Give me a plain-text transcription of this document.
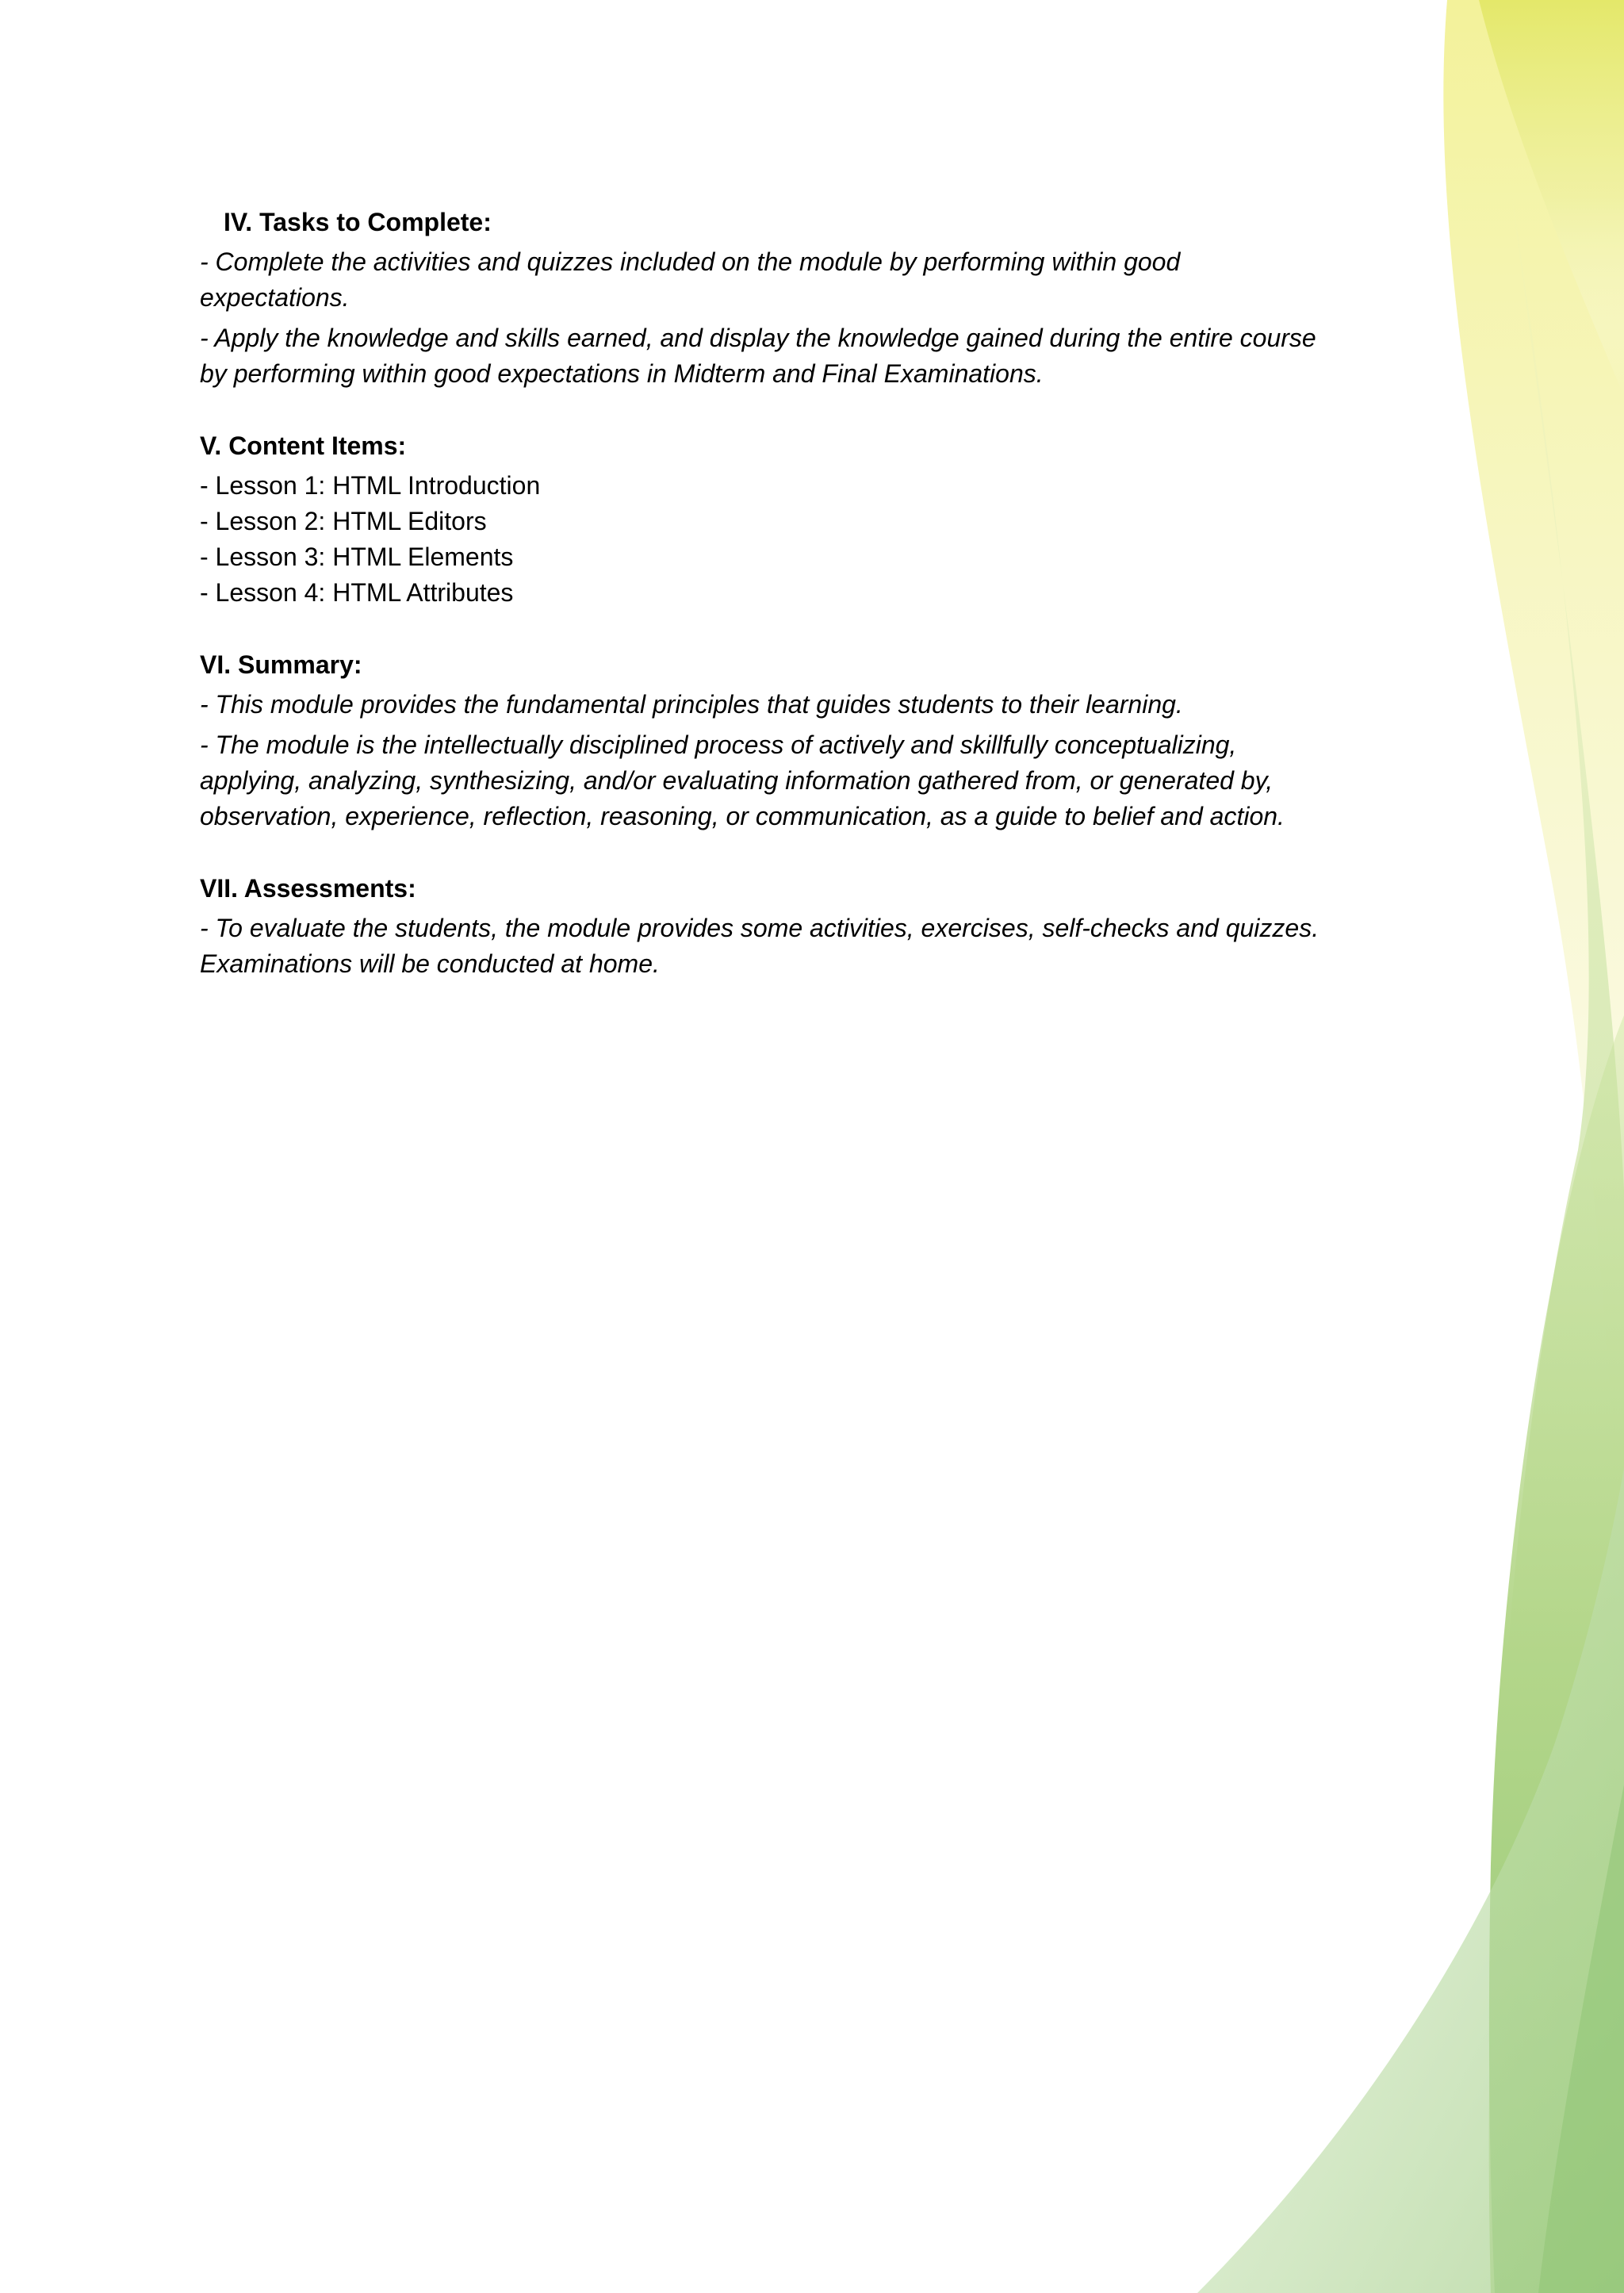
IV. Tasks to Complete:

- Complete the activities and quizzes included on the module by performing within good expectations.

- Apply the knowledge and skills earned, and display the knowledge gained during the entire course by performing within good expectations in Midterm and Final Examinations.

V. Content Items:

- Lesson 1: HTML Introduction

- Lesson 2: HTML Editors

- Lesson 3: HTML Elements

- Lesson 4: HTML Attributes

VI. Summary:

- This module provides the fundamental principles that guides students to their learning.

- The module is the intellectually disciplined process of actively and skillfully conceptualizing, applying, analyzing, synthesizing, and/or evaluating information gathered from, or generated by, observation, experience, reflection, reasoning, or communication, as a guide to belief and action.

VII. Assessments:

- To evaluate the students, the module provides some activities, exercises, self-checks and quizzes. Examinations will be conducted at home.
